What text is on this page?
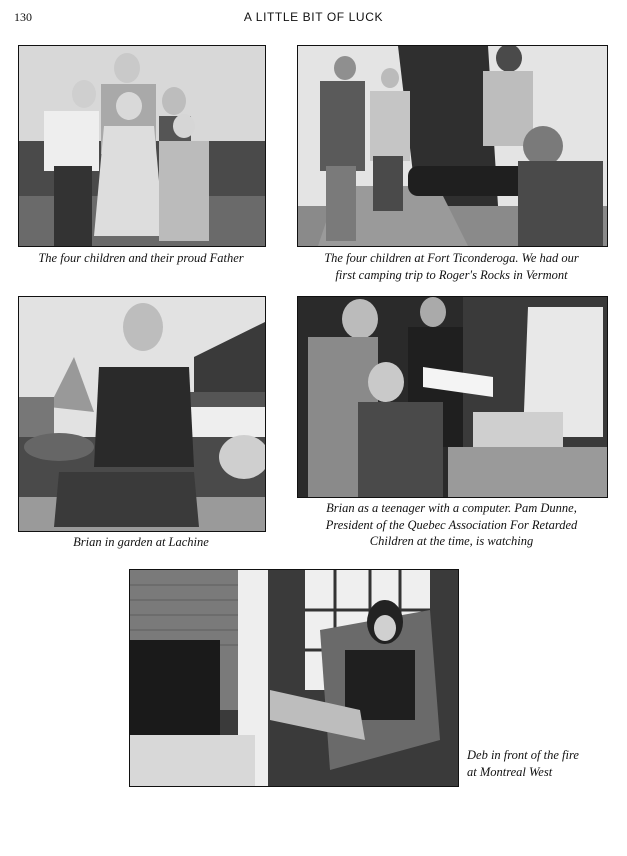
130	A LITTLE BIT OF LUCK
The four children and their proud Father	The four children at Fort Ticonderoga. We had our
first camping trip to Roger's Rocks in Vermont
Brian in garden at Lachine
Brian as a teenager with a computer. Pam Dunne,
President of the Quebec Association For Retarded
Children at the time, is watching
Deb in front of the fire
at Montreal West
